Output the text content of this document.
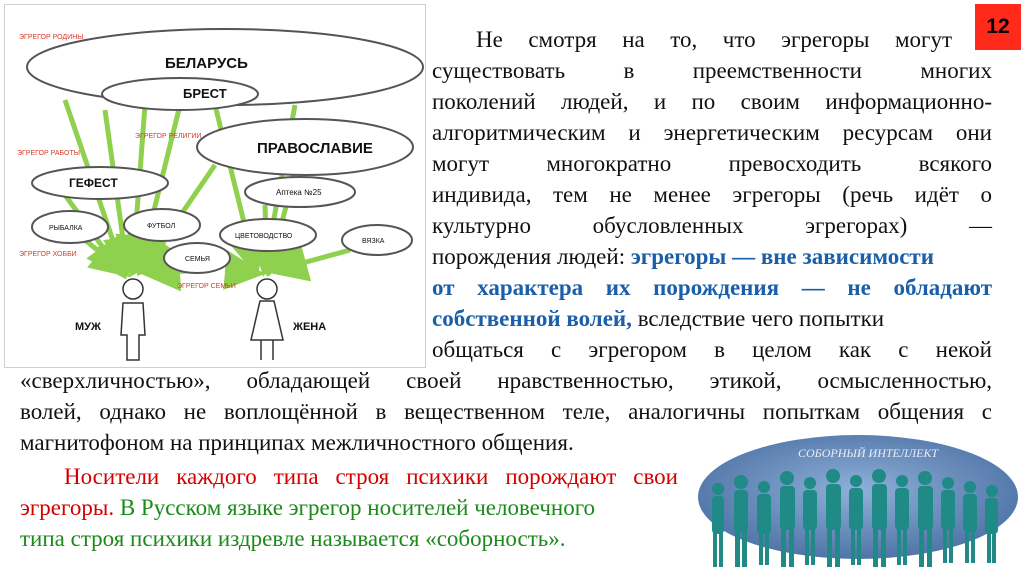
ЭГРЕГОР РОДИНЫ
БЕЛАРУСЬ
БРЕСТ
ЭГРЕГОР РАБОТЫ
ЭГРЕГОР РЕЛИГИИ
ПРАВОСЛАВИЕ
ГЕФЕСТ
Аптека №25
РЫБАЛКА	ФУТБОЛ
ЦВЕТОВОДСТВО
ВЯЗКА
ЭГРЕГОР ХОББИ
СЕМЬЯ
ЭГРЕГОР СЕМЬИ
МУЖ	ЖЕНА
12
Не смотря на то, что эгрегоры могут
существовать в преемственности многих
поколений людей, и по своим информационно-
алгоритмическим и энергетическим ресурсам они
могут многократно превосходить всякого
индивида, тем не менее эгрегоры (речь идёт о
культурно обусловленных эгрегорах) —
порождения людей: эгрегоры — вне зависимости
от характера их порождения — не обладают
собственной волей, вследствие чего попытки
общаться с эгрегором в целом как с некой
«сверхличностью», обладающей своей нравственностью, этикой, осмысленностью,
волей, однако не воплощённой в вещественном теле, аналогичны попыткам общения с
магнитофоном на принципах межличностного общения.
Носители каждого типа строя психики порождают свои
эгрегоры. В Русском языке эгрегор носителей человечного
типа строя психики издревле называется «соборность».
СОБОРНЫЙ ИНТЕЛЛЕКТ
